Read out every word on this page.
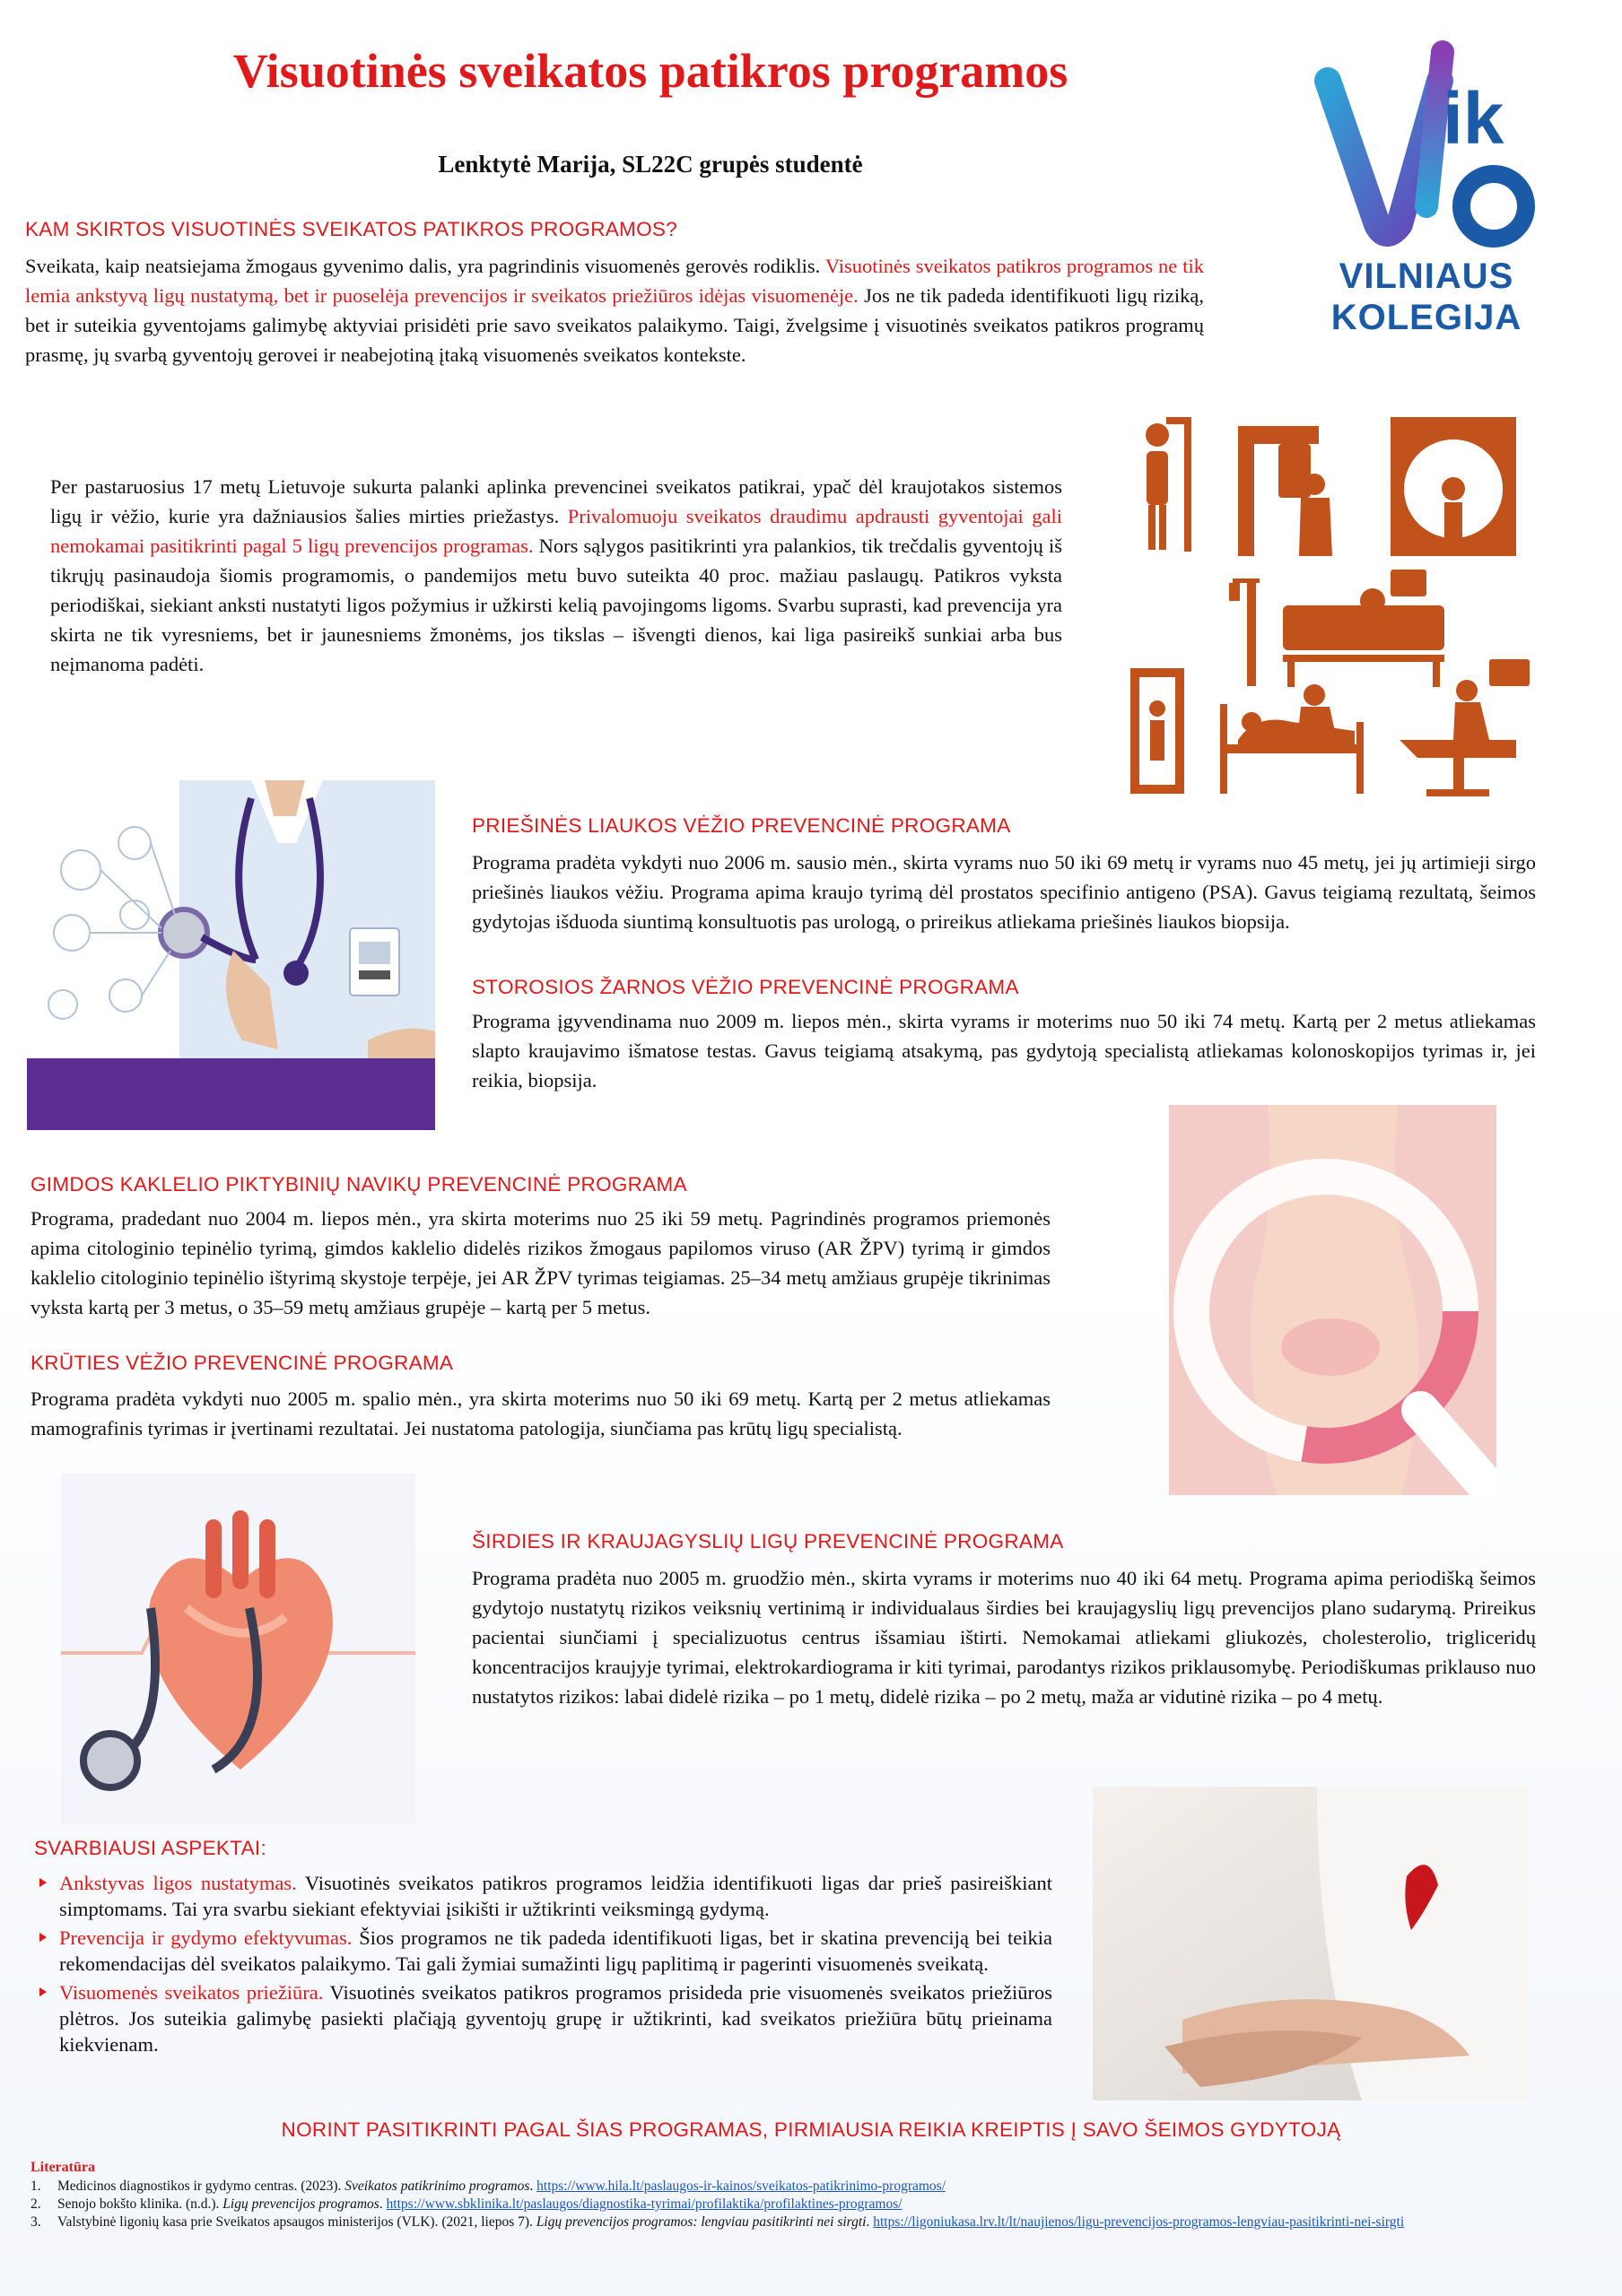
Visuotinės sveikatos patikros programos
Lenktytė Marija, SL22C grupės studentė
ik
VILNIAUS
KOLEGIJA
KAM SKIRTOS VISUOTINĖS SVEIKATOS PATIKROS PROGRAMOS?

Sveikata, kaip neatsiejama žmogaus gyvenimo dalis, yra pagrindinis visuomenės gerovės rodiklis. Visuotinės sveikatos patikros programos ne tik lemia ankstyvą ligų nustatymą, bet ir puoselėja prevencijos ir sveikatos priežiūros idėjas visuomenėje. Jos ne tik padeda identifikuoti ligų riziką, bet ir suteikia gyventojams galimybę aktyviai prisidėti prie savo sveikatos palaikymo. Taigi, žvelgsime į visuotinės sveikatos patikros programų prasmę, jų svarbą gyventojų gerovei ir neabejotiną įtaką visuomenės sveikatos kontekste.

Per pastaruosius 17 metų Lietuvoje sukurta palanki aplinka prevencinei sveikatos patikrai, ypač dėl kraujotakos sistemos ligų ir vėžio, kurie yra dažniausios šalies mirties priežastys. Privalomuoju sveikatos draudimu apdrausti gyventojai gali nemokamai pasitikrinti pagal 5 ligų prevencijos programas. Nors sąlygos pasitikrinti yra palankios, tik trečdalis gyventojų iš tikrųjų pasinaudoja šiomis programomis, o pandemijos metu buvo suteikta 40 proc. mažiau paslaugų. Patikros vyksta periodiškai, siekiant anksti nustatyti ligos požymius ir užkirsti kelią pavojingoms ligoms. Svarbu suprasti, kad prevencija yra skirta ne tik vyresniems, bet ir jaunesniems žmonėms, jos tikslas – išvengti dienos, kai liga pasireikš sunkiai arba bus neįmanoma padėti.

PRIEŠINĖS LIAUKOS VĖŽIO PREVENCINĖ PROGRAMA

Programa pradėta vykdyti nuo 2006 m. sausio mėn., skirta vyrams nuo 50 iki 69 metų ir vyrams nuo 45 metų, jei jų artimieji sirgo priešinės liaukos vėžiu. Programa apima kraujo tyrimą dėl prostatos specifinio antigeno (PSA). Gavus teigiamą rezultatą, šeimos gydytojas išduoda siuntimą konsultuotis pas urologą, o prireikus atliekama priešinės liaukos biopsija.

STOROSIOS ŽARNOS VĖŽIO PREVENCINĖ PROGRAMA

Programa įgyvendinama nuo 2009 m. liepos mėn., skirta vyrams ir moterims nuo 50 iki 74 metų. Kartą per 2 metus atliekamas slapto kraujavimo išmatose testas. Gavus teigiamą atsakymą, pas gydytoją specialistą atliekamas kolonoskopijos tyrimas ir, jei reikia, biopsija.

GIMDOS KAKLELIO PIKTYBINIŲ NAVIKŲ PREVENCINĖ PROGRAMA

Programa, pradedant nuo 2004 m. liepos mėn., yra skirta moterims nuo 25 iki 59 metų. Pagrindinės programos priemonės apima citologinio tepinėlio tyrimą, gimdos kaklelio didelės rizikos žmogaus papilomos viruso (AR ŽPV) tyrimą ir gimdos kaklelio citologinio tepinėlio ištyrimą skystoje terpėje, jei AR ŽPV tyrimas teigiamas. 25–34 metų amžiaus grupėje tikrinimas vyksta kartą per 3 metus, o 35–59 metų amžiaus grupėje – kartą per 5 metus.

KRŪTIES VĖŽIO PREVENCINĖ PROGRAMA

Programa pradėta vykdyti nuo 2005 m. spalio mėn., yra skirta moterims nuo 50 iki 69 metų. Kartą per 2 metus atliekamas mamografinis tyrimas ir įvertinami rezultatai. Jei nustatoma patologija, siunčiama pas krūtų ligų specialistą.

ŠIRDIES IR KRAUJAGYSLIŲ LIGŲ PREVENCINĖ PROGRAMA

Programa pradėta nuo 2005 m. gruodžio mėn., skirta vyrams ir moterims nuo 40 iki 64 metų. Programa apima periodišką šeimos gydytojo nustatytų rizikos veiksnių vertinimą ir individualaus širdies bei kraujagyslių ligų prevencijos plano sudarymą. Prireikus pacientai siunčiami į specializuotus centrus išsamiau ištirti. Nemokamai atliekami gliukozės, cholesterolio, trigliceridų koncentracijos kraujyje tyrimai, elektrokardiograma ir kiti tyrimai, parodantys rizikos priklausomybę. Periodiškumas priklauso nuo nustatytos rizikos: labai didelė rizika – po 1 metų, didelė rizika – po 2 metų, maža ar vidutinė rizika – po 4 metų.

SVARBIAUSI ASPEKTAI:
Ankstyvas ligos nustatymas. Visuotinės sveikatos patikros programos leidžia identifikuoti ligas dar prieš pasireiškiant simptomams. Tai yra svarbu siekiant efektyviai įsikišti ir užtikrinti veiksmingą gydymą.
Prevencija ir gydymo efektyvumas. Šios programos ne tik padeda identifikuoti ligas, bet ir skatina prevenciją bei teikia rekomendacijas dėl sveikatos palaikymo. Tai gali žymiai sumažinti ligų paplitimą ir pagerinti visuomenės sveikatą.
Visuomenės sveikatos priežiūra. Visuotinės sveikatos patikros programos prisideda prie visuomenės sveikatos priežiūros plėtros. Jos suteikia galimybę pasiekti plačiąją gyventojų grupę ir užtikrinti, kad sveikatos priežiūra būtų prieinama kiekvienam.
NORINT PASITIKRINTI PAGAL ŠIAS PROGRAMAS, PIRMIAUSIA REIKIA KREIPTIS Į SAVO ŠEIMOS GYDYTOJĄ
Literatūra
1. Medicinos diagnostikos ir gydymo centras. (2023). Sveikatos patikrinimo programos. https://www.hila.lt/paslaugos-ir-kainos/sveikatos-patikrinimo-programos/
2. Senojo bokšto klinika. (n.d.). Ligų prevencijos programos. https://www.sbklinika.lt/paslaugos/diagnostika-tyrimai/profilaktika/profilaktines-programos/
3. Valstybinė ligonių kasa prie Sveikatos apsaugos ministerijos (VLK). (2021, liepos 7). Ligų prevencijos programos: lengviau pasitikrinti nei sirgti. https://ligoniukasa.lrv.lt/lt/naujienos/ligu-prevencijos-programos-lengviau-pasitikrinti-nei-sirgti
